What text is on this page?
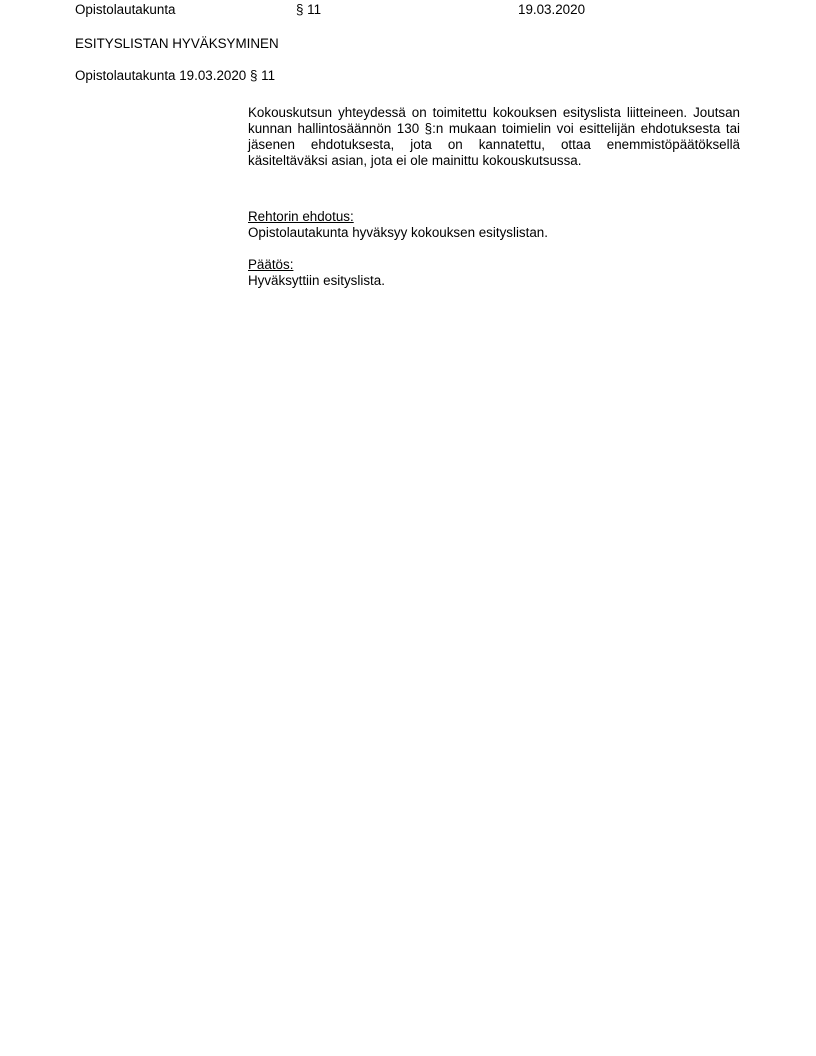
Opistolautakunta	§ 11	19.03.2020
ESITYSLISTAN HYVÄKSYMINEN
Opistolautakunta 19.03.2020 § 11

Kokouskutsun yhteydessä on toimitettu kokouksen esityslista liitteineen. Joutsan kunnan hallintosäännön 130 §:n mukaan toimielin voi esittelijän ehdotuksesta tai jäsenen ehdotuksesta, jota on kannatettu, ottaa enemmistöpäätöksellä käsiteltäväksi asian, jota ei ole mainittu kokouskutsussa.

Rehtorin ehdotus:

Opistolautakunta hyväksyy kokouksen esityslistan.

Päätös:

Hyväksyttiin esityslista.
